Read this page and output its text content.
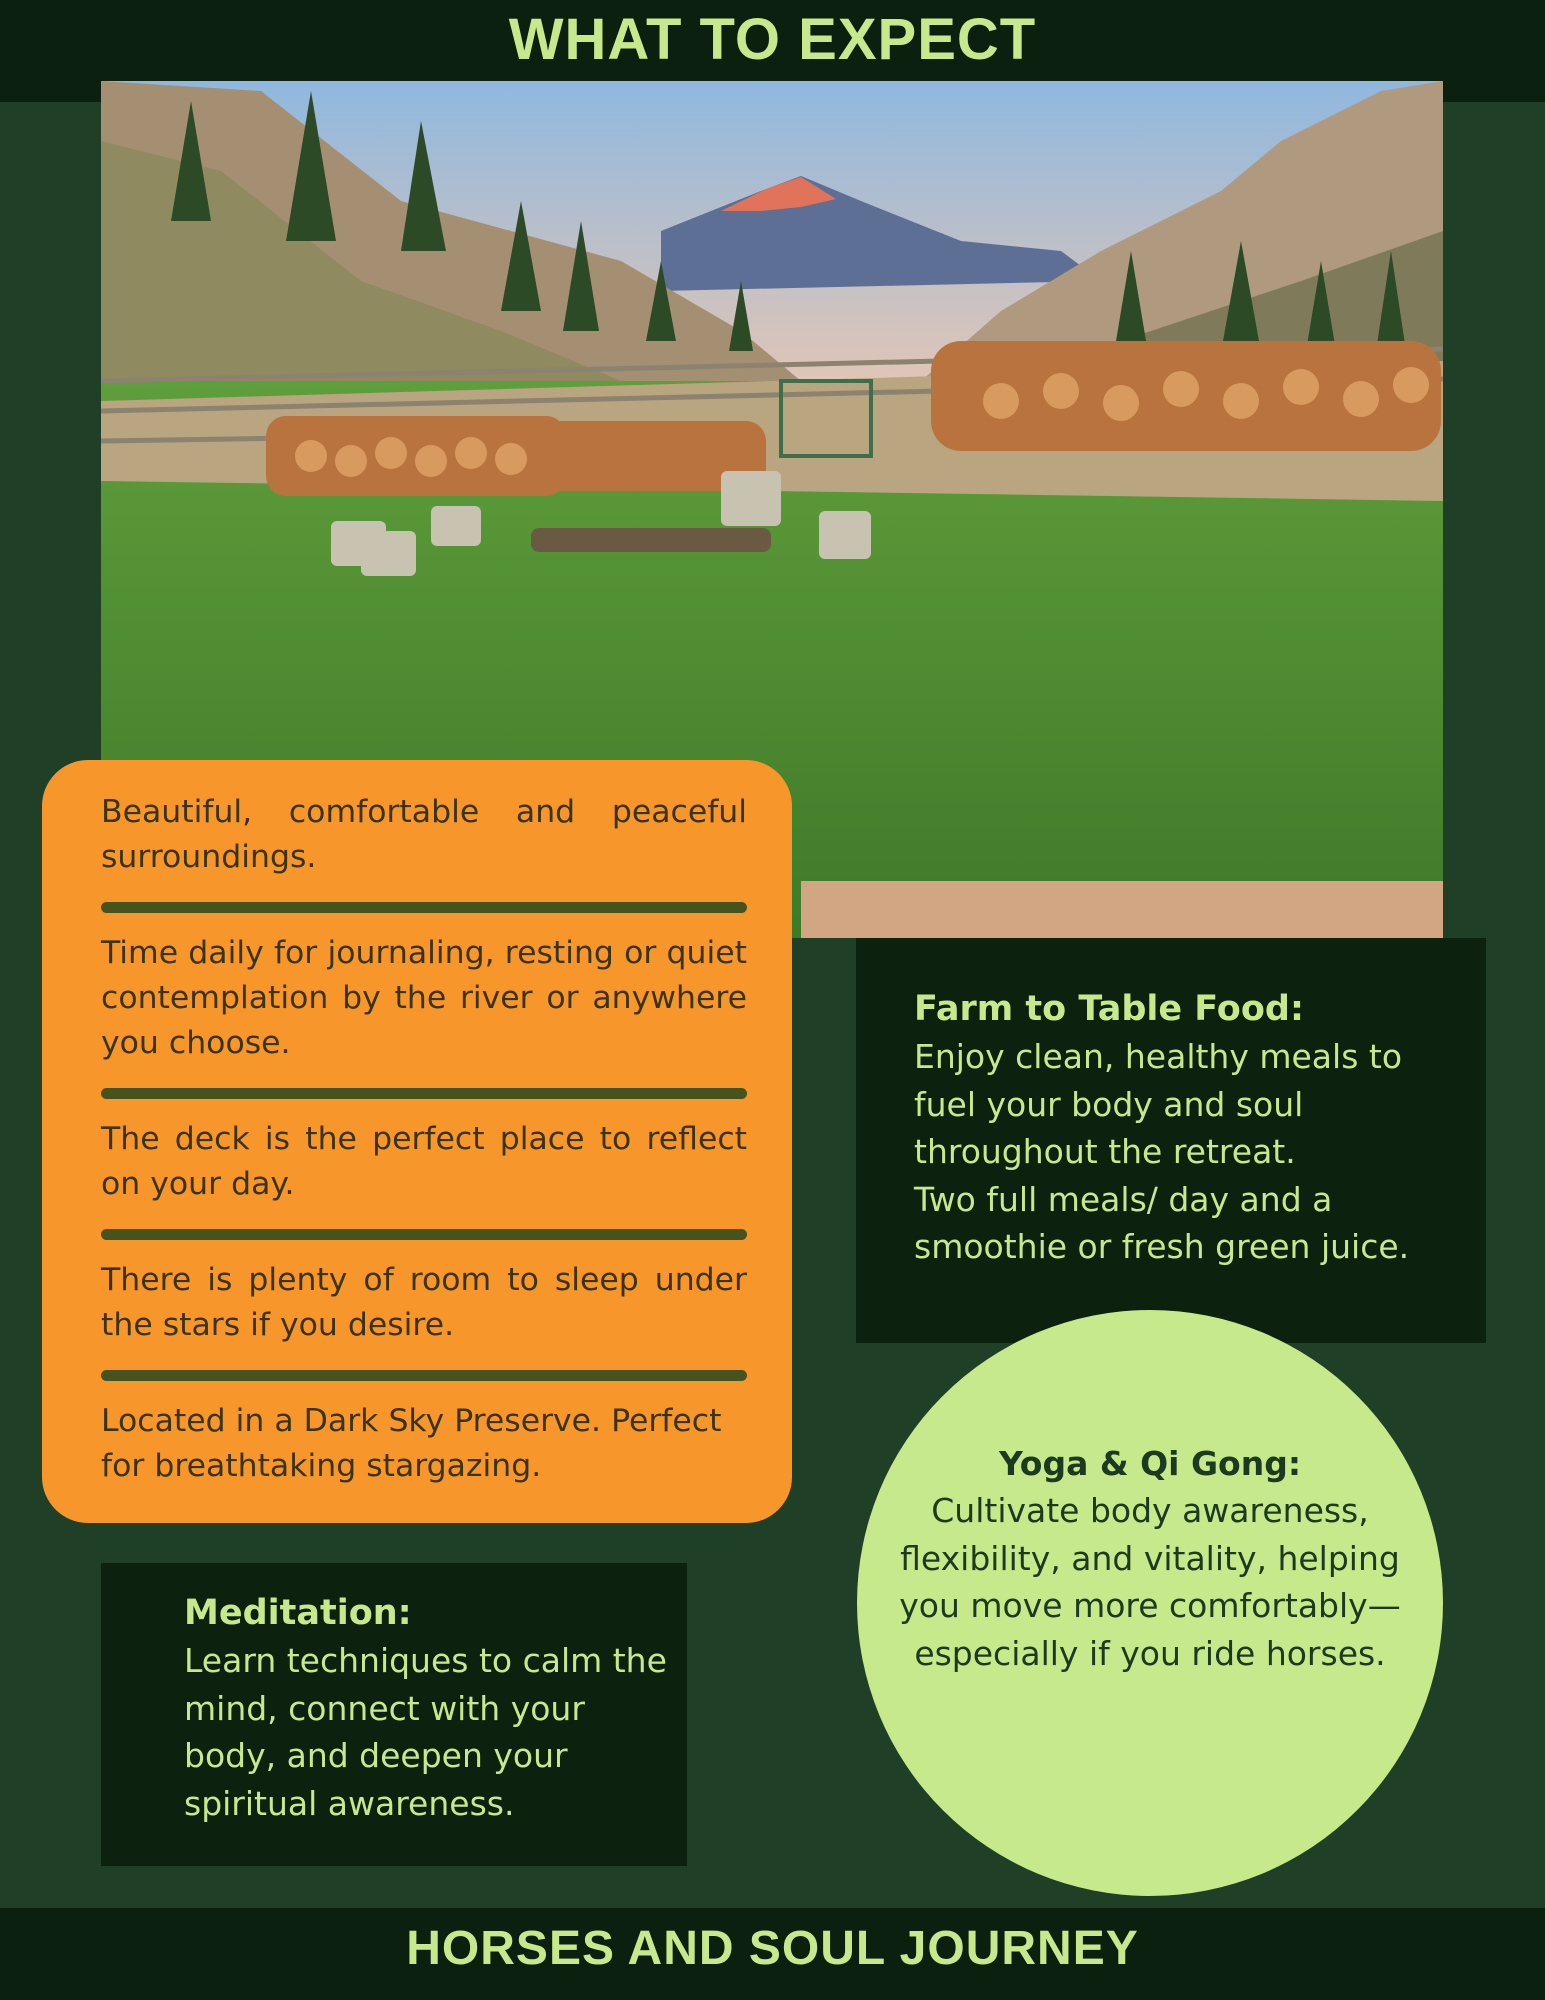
WHAT TO EXPECT
Beautiful, comfortable and peaceful surroundings.
Time daily for journaling, resting or quiet contemplation by the river or anywhere you choose.
The deck is the perfect place to reflect on your day.
There is plenty of room to sleep under the stars if you desire.
Located in a Dark Sky Preserve. Perfect for breathtaking stargazing.
Farm to Table Food:

Enjoy clean, healthy meals to fuel your body and soul throughout the retreat.

Two full meals/ day and a smoothie or fresh green juice.

Yoga & Qi Gong:

Cultivate body awareness, flexibility, and vitality, helping you move more comfortably—especially if you ride horses.

Meditation:

Learn techniques to calm the mind, connect with your body, and deepen your spiritual awareness.

HORSES AND SOUL JOURNEY
